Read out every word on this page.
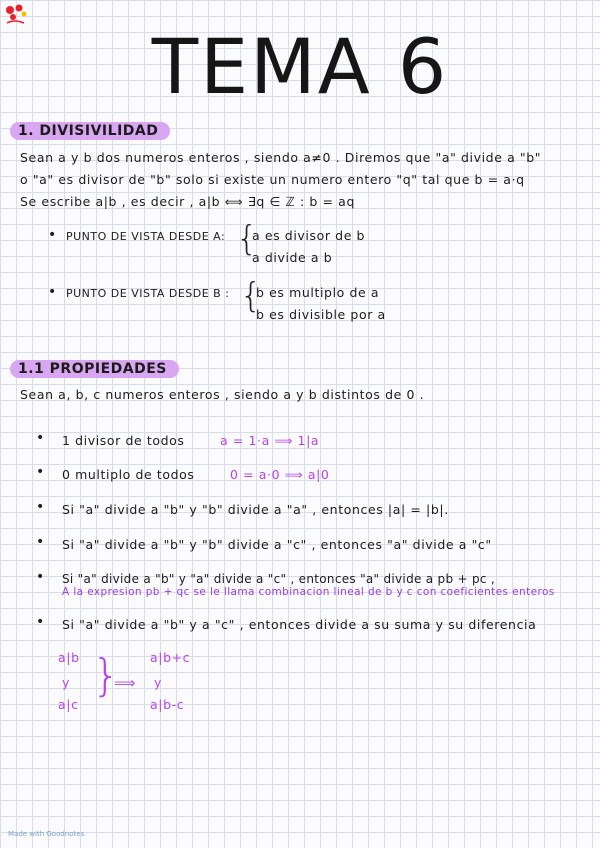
TEMA 6
1. DIVISIVILIDAD
Sean a y b dos numeros enteros , siendo a≠0 . Diremos que "a" divide a "b"
o "a" es divisor de "b" solo si existe un numero entero "q" tal que b = a·q
Se escribe a|b , es decir , a|b ⟺ ∃q ∈ ℤ : b = aq
• PUNTO DE VISTA DESDE A: {
a es divisor de b
a divide a b
• PUNTO DE VISTA DESDE B : {
b es multiplo de a
b es divisible por a
1.1 PROPIEDADES
Sean a, b, c numeros enteros , siendo a y b distintos de 0 .
• 1 divisor de todos	a = 1·a ⟹ 1|a
• 0 multiplo de todos	0 = a·0 ⟹ a|0
• Si "a" divide a "b" y "b" divide a "a" , entonces |a| = |b|.
• Si "a" divide a "b" y "b" divide a "c" , entonces "a" divide a "c"
• Si "a" divide a "b" y "a" divide a "c" , entonces "a" divide a pb + pc ,
A la expresion pb + qc se le llama combinacion lineal de b y c con coeficientes enteros
• Si "a" divide a "b" y a "c" , entonces divide a su suma y su diferencia
a|b
y
a|c
}
⟹
a|b+c
y
a|b-c
Made with Goodnotes
